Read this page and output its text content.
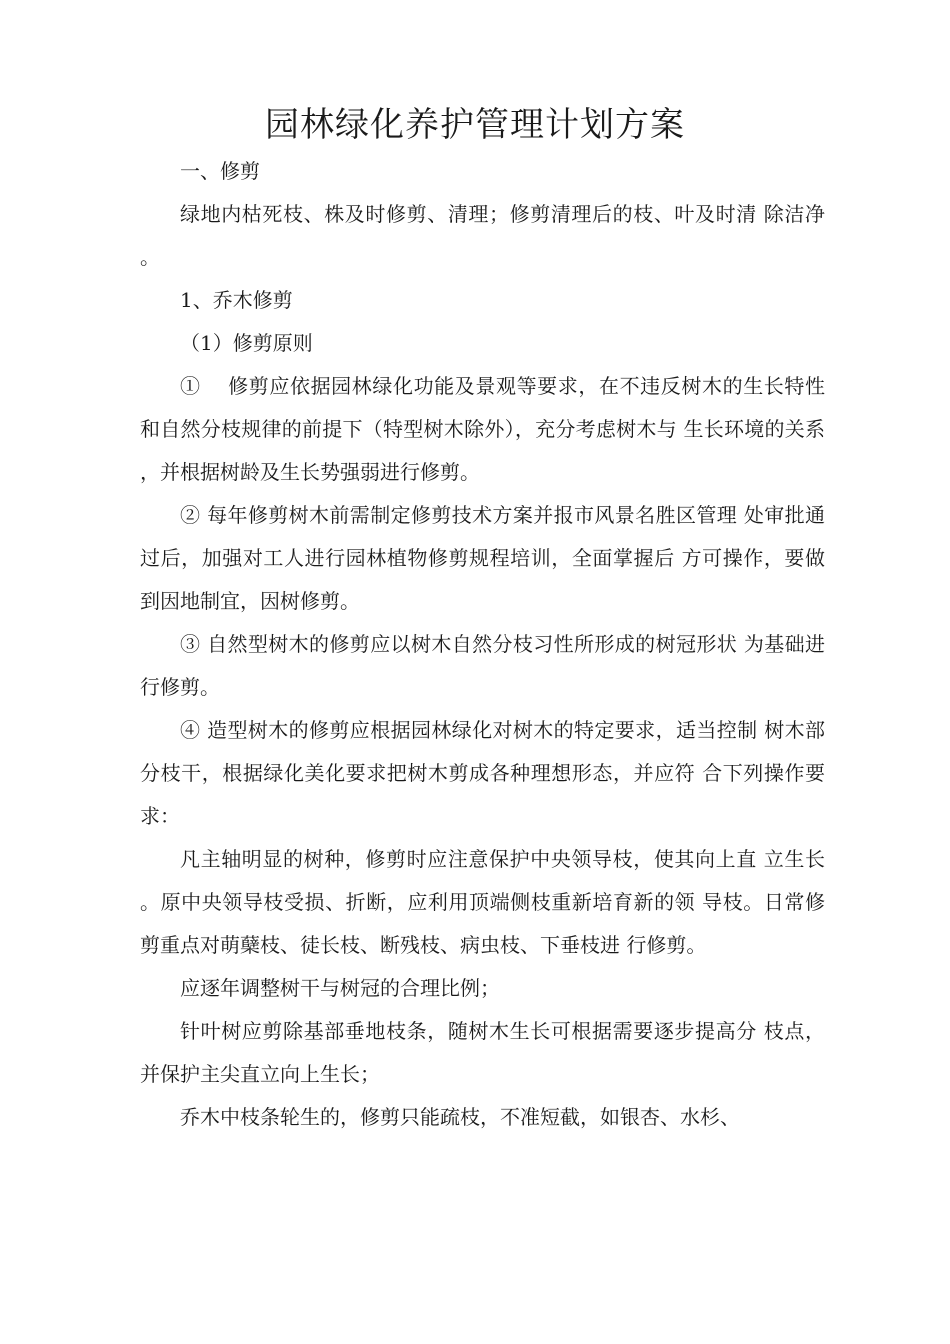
园林绿化养护管理计划方案

一、修剪

绿地内枯死枝、株及时修剪、清理；修剪清理后的枝、叶及时清 除洁净。

1、乔木修剪

（1）修剪原则

①　 修剪应依据园林绿化功能及景观等要求，在不违反树木的生长特性和自然分枝规律的前提下（特型树木除外），充分考虑树木与 生长环境的关系，并根据树龄及生长势强弱进行修剪。

② 每年修剪树木前需制定修剪技术方案并报市风景名胜区管理 处审批通过后，加强对工人进行园林植物修剪规程培训，全面掌握后 方可操作，要做到因地制宜，因树修剪。

③ 自然型树木的修剪应以树木自然分枝习性所形成的树冠形状 为基础进行修剪。

④ 造型树木的修剪应根据园林绿化对树木的特定要求，适当控制 树木部分枝干，根据绿化美化要求把树木剪成各种理想形态，并应符 合下列操作要求：

凡主轴明显的树种，修剪时应注意保护中央领导枝，使其向上直 立生长。原中央领导枝受损、折断，应利用顶端侧枝重新培育新的领 导枝。日常修剪重点对萌蘖枝、徒长枝、断残枝、病虫枝、下垂枝进 行修剪。

应逐年调整树干与树冠的合理比例；

针叶树应剪除基部垂地枝条，随树木生长可根据需要逐步提高分 枝点，并保护主尖直立向上生长；

乔木中枝条轮生的，修剪只能疏枝，不准短截，如银杏、水杉、
